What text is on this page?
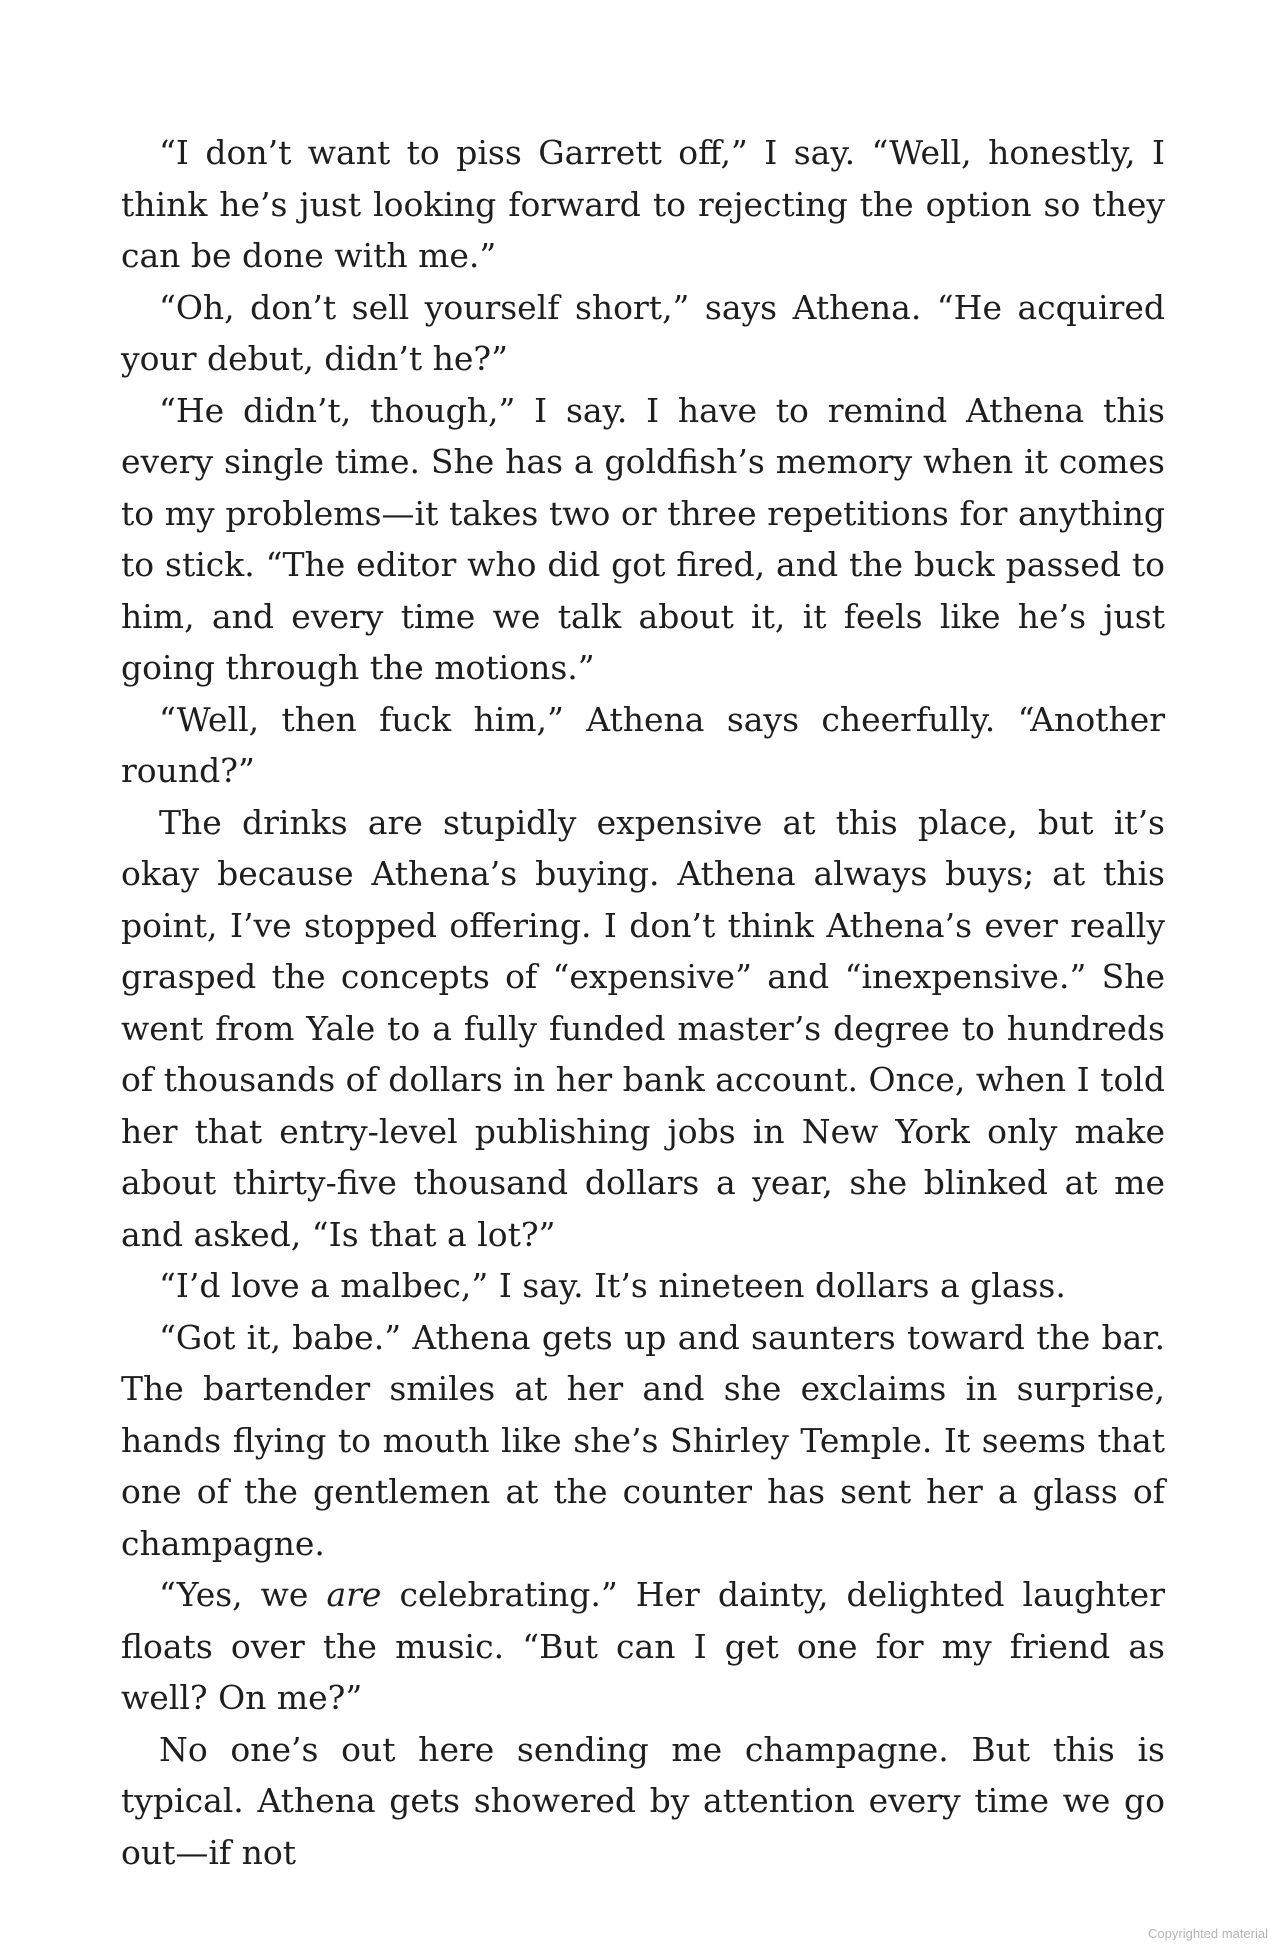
“I don’t want to piss Garrett off,” I say. “Well, honestly, I think he’s just looking forward to rejecting the option so they can be done with me.”

“Oh, don’t sell yourself short,” says Athena. “He acquired your debut, didn’t he?”

“He didn’t, though,” I say. I have to remind Athena this every single time. She has a goldfish’s memory when it comes to my problems—it takes two or three repetitions for anything to stick. “The editor who did got fired, and the buck passed to him, and every time we talk about it, it feels like he’s just going through the motions.”

“Well, then fuck him,” Athena says cheerfully. “Another round?”

The drinks are stupidly expensive at this place, but it’s okay because Athena’s buying. Athena always buys; at this point, I’ve stopped offering. I don’t think Athena’s ever really grasped the concepts of “expensive” and “inexpensive.” She went from Yale to a fully funded master’s degree to hundreds of thousands of dollars in her bank account. Once, when I told her that entry-level publishing jobs in New York only make about thirty-five thousand dollars a year, she blinked at me and asked, “Is that a lot?”

“I’d love a malbec,” I say. It’s nineteen dollars a glass.

“Got it, babe.” Athena gets up and saunters toward the bar. The bartender smiles at her and she exclaims in surprise, hands flying to mouth like she’s Shirley Temple. It seems that one of the gentlemen at the counter has sent her a glass of champagne.

“Yes, we are celebrating.” Her dainty, delighted laughter floats over the music. “But can I get one for my friend as well? On me?”

No one’s out here sending me champagne. But this is typical. Athena gets showered by attention every time we go out—if not

Copyrighted material
